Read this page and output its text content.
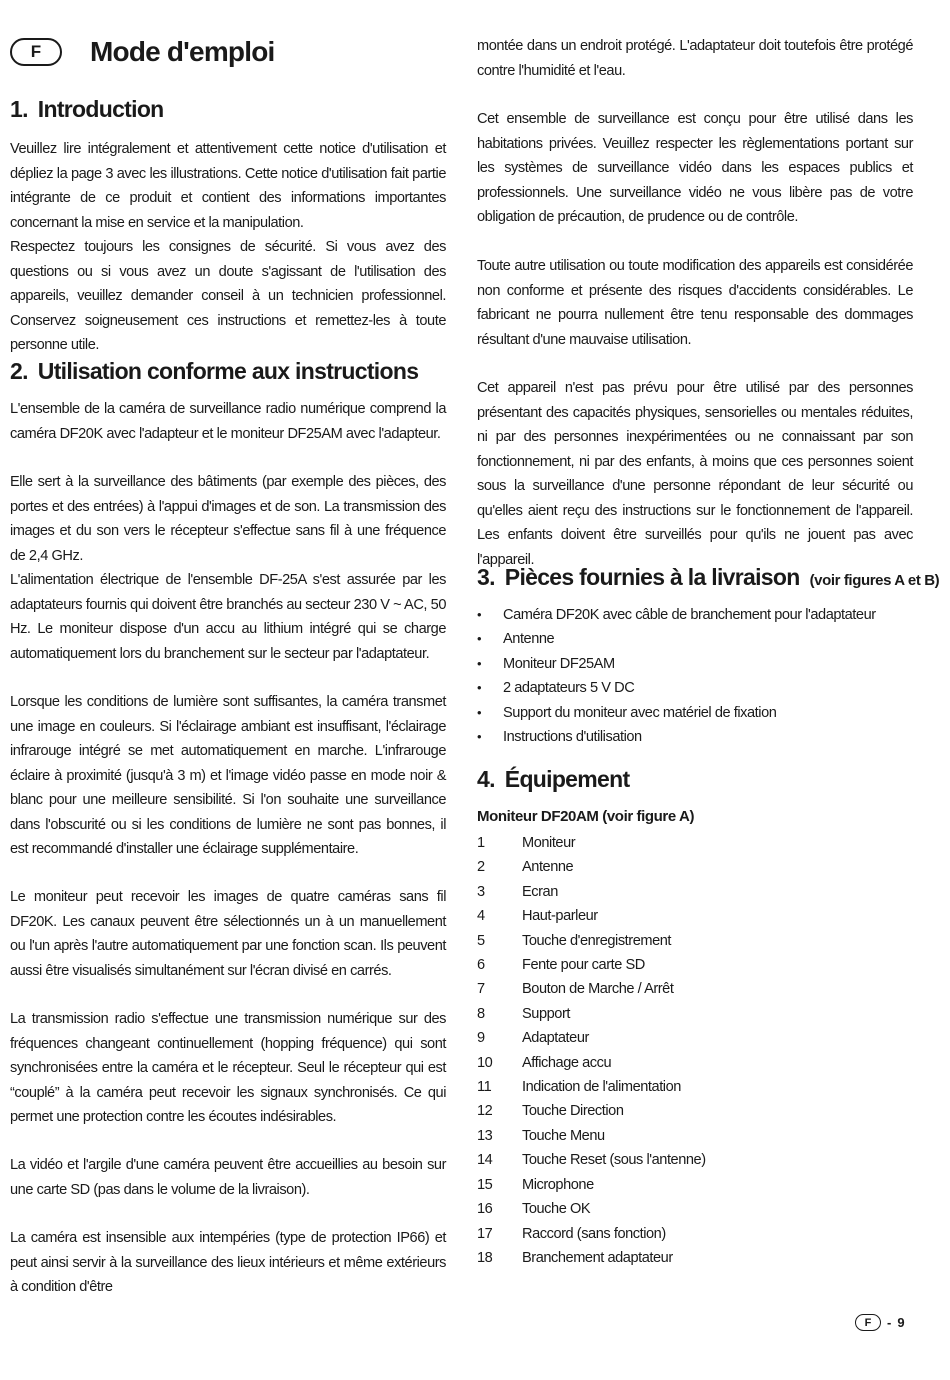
F	Mode d'emploi
1. Introduction

Veuillez lire intégralement et attentivement cette notice d'utilisation et dépliez la page 3 avec les illustrations. Cette notice d'utilisation fait partie intégrante de ce produit et contient des informations importantes concernant la mise en service et la manipulation.

Respectez toujours les consignes de sécurité. Si vous avez des questions ou si vous avez un doute s'agissant de l'utilisation des appareils, veuillez demander conseil à un technicien professionnel. Conservez soigneusement ces instructions et remettez-les à toute personne utile.

2. Utilisation conforme aux instructions

L'ensemble de la caméra de surveillance radio numérique comprend la caméra DF20K avec l'adapteur et le moniteur DF25AM avec l'adapteur.

Elle sert à la surveillance des bâtiments (par exemple des pièces, des portes et des entrées) à l'appui d'images et de son. La transmission des images et du son vers le récepteur s'effectue sans fil à une fréquence de 2,4 GHz.

L'alimentation électrique de l'ensemble DF-25A s'est assurée par les adaptateurs fournis qui doivent être branchés au secteur 230 V ~ AC, 50 Hz. Le moniteur dispose d'un accu au lithium intégré qui se charge automatiquement lors du branchement sur le secteur par l'adaptateur.

Lorsque les conditions de lumière sont suffisantes, la caméra transmet une image en couleurs. Si l'éclairage ambiant est insuffisant, l'éclairage infrarouge intégré se met automatiquement en marche. L'infrarouge éclaire à proximité (jusqu'à 3 m) et l'image vidéo passe en mode noir & blanc pour une meilleure sensibilité. Si l'on souhaite une surveillance dans l'obscurité ou si les conditions de lumière ne sont pas bonnes, il est recommandé d'installer une éclairage supplémentaire.

Le moniteur peut recevoir les images de quatre caméras sans fil DF20K. Les canaux peuvent être sélectionnés un à un manuellement ou l'un après l'autre automatiquement par une fonction scan. Ils peuvent aussi être visualisés simultanément sur l'écran divisé en carrés.

La transmission radio s'effectue une transmission numérique sur des fréquences changeant continuellement (hopping fréquence) qui sont synchronisées entre la caméra et le récepteur. Seul le récepteur qui est “couplé” à la caméra peut recevoir les signaux synchronisés. Ce qui permet une protection contre les écoutes indésirables.

La vidéo et l'argile d'une caméra peuvent être accueillies au besoin sur une carte SD (pas dans le volume de la livraison).

La caméra est insensible aux intempéries (type de protection IP66) et peut ainsi servir à la surveillance des lieux intérieurs et même extérieurs à condition d'être

montée dans un endroit protégé. L'adaptateur doit toutefois être protégé contre l'humidité et l'eau.

Cet ensemble de surveillance est conçu pour être utilisé dans les habitations privées. Veuillez respecter les règlementations portant sur les systèmes de surveillance vidéo dans les espaces publics et professionnels. Une surveillance vidéo ne vous libère pas de votre obligation de précaution, de prudence ou de contrôle.

Toute autre utilisation ou toute modification des appareils est considérée non conforme et présente des risques d'accidents considérables. Le fabricant ne pourra nullement être tenu responsable des dommages résultant d'une mauvaise utilisation.

Cet appareil n'est pas prévu pour être utilisé par des personnes présentant des capacités physiques, sensorielles ou mentales réduites, ni par des personnes inexpérimentées ou ne connaissant par son fonctionnement, ni par des enfants, à moins que ces personnes soient sous la surveillance d'une personne répondant de leur sécurité ou qu'elles aient reçu des instructions sur le fonctionnement de l'appareil. Les enfants doivent être surveillés pour qu'ils ne jouent pas avec l'appareil.

3. Pièces fournies à la livraison (voir figures A et B)
•	Caméra DF20K avec câble de branchement pour l'adaptateur
•	Antenne
•	Moniteur DF25AM
•	2 adaptateurs 5 V DC
•	Support du moniteur avec matériel de fixation
•	Instructions d'utilisation
4. Équipement
Moniteur DF20AM (voir figure A)
1	Moniteur
2	Antenne
3	Ecran
4	Haut-parleur
5	Touche d'enregistrement
6	Fente pour carte SD
7	Bouton de Marche / Arrêt
8	Support
9	Adaptateur
10	Affichage accu
11	Indication de l'alimentation
12	Touche Direction
13	Touche Menu
14	Touche Reset (sous l'antenne)
15	Microphone
16	Touche OK
17	Raccord (sans fonction)
18	Branchement adaptateur
F	- 9
